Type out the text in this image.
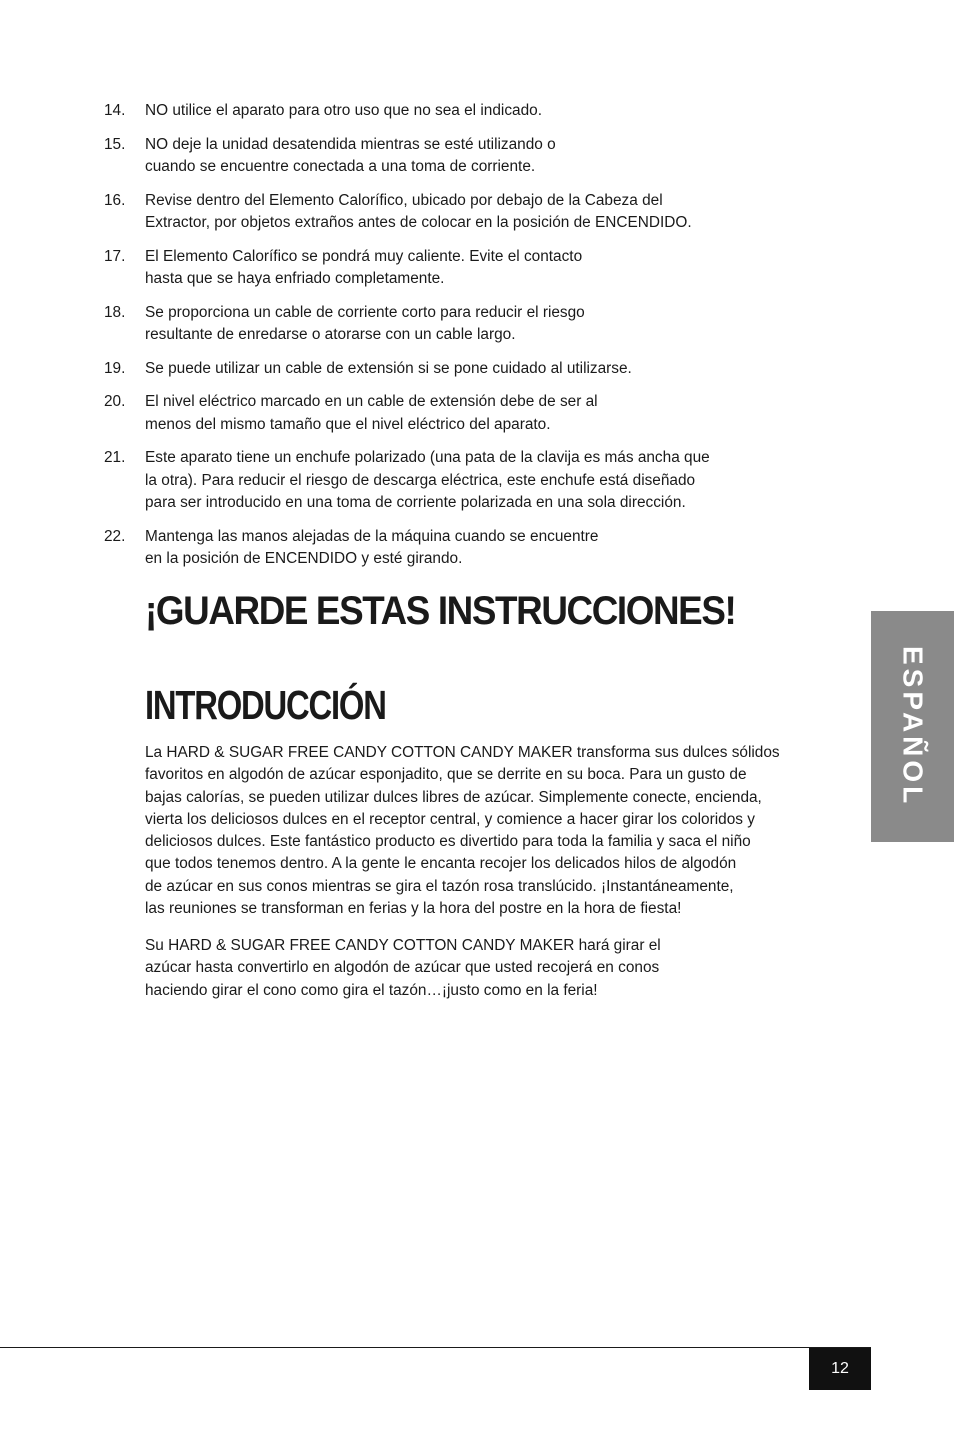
14.	NO utilice el aparato para otro uso que no sea el indicado.
15.	NO deje la unidad desatendida mientras se esté utilizando o
cuando se encuentre conectada a una toma de corriente.
16.	Revise dentro del Elemento Calorífico, ubicado por debajo de la Cabeza del
Extractor, por objetos extraños antes de colocar en la posición de ENCENDIDO.
17.	El Elemento Calorífico se pondrá muy caliente. Evite el contacto
hasta que se haya enfriado completamente.
18.	Se proporciona un cable de corriente corto para reducir el riesgo
resultante de enredarse o atorarse con un cable largo.
19.	Se puede utilizar un cable de extensión si se pone cuidado al utilizarse.
20.	El nivel eléctrico marcado en un cable de extensión debe de ser al
menos del mismo tamaño que el nivel eléctrico del aparato.
21.	Este aparato tiene un enchufe polarizado (una pata de la clavija es más ancha que
la otra). Para reducir el riesgo de descarga eléctrica, este enchufe está diseñado
para ser introducido en una toma de corriente polarizada en una sola dirección.
22.	Mantenga las manos alejadas de la máquina cuando se encuentre
en la posición de ENCENDIDO y esté girando.
¡GUARDE ESTAS INSTRUCCIONES!
INTRODUCCIÓN

La HARD & SUGAR FREE CANDY COTTON CANDY MAKER transforma sus dulces sólidos
favoritos en algodón de azúcar esponjadito, que se derrite en su boca. Para un gusto de
bajas calorías, se pueden utilizar dulces libres de azúcar. Simplemente conecte, encienda,
vierta los deliciosos dulces en el receptor central, y comience a hacer girar los coloridos y
deliciosos dulces. Este fantástico producto es divertido para toda la familia y saca el niño
que todos tenemos dentro. A la gente le encanta recojer los delicados hilos de algodón
de azúcar en sus conos mientras se gira el tazón rosa translúcido. ¡Instantáneamente,
las reuniones se transforman en ferias y la hora del postre en la hora de fiesta!

Su HARD & SUGAR FREE CANDY COTTON CANDY MAKER hará girar el
azúcar hasta convertirlo en algodón de azúcar que usted recojerá en conos
haciendo girar el cono como gira el tazón…¡justo como en la feria!

ESPAÑOL
12
